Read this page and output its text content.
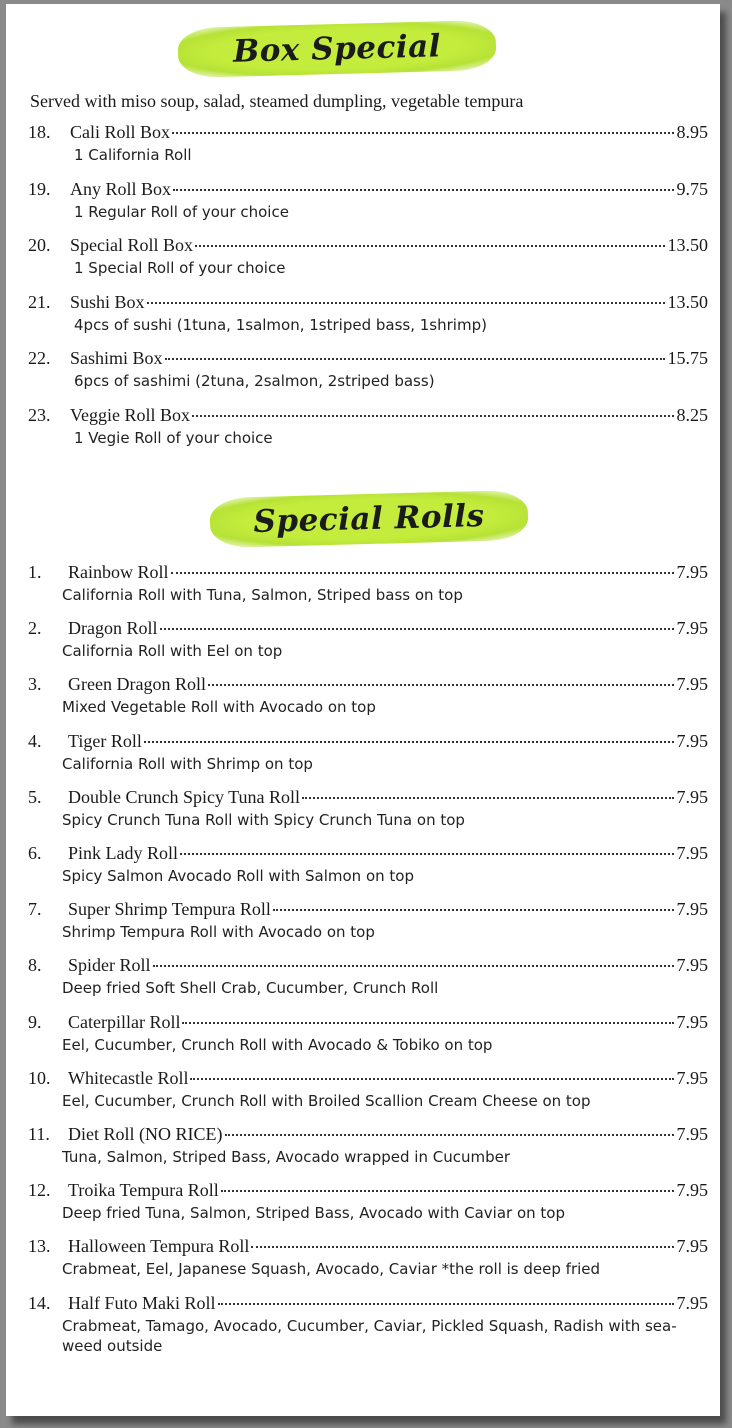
Box Special
Served with miso soup, salad, steamed dumpling, vegetable tempura
18.	Cali Roll Box	8.95
1 California Roll
19.	Any Roll Box	9.75
1 Regular Roll of your choice
20.	Special Roll Box	13.50
1 Special Roll of your choice
21.	Sushi Box	13.50
4pcs of sushi (1tuna, 1salmon, 1striped bass, 1shrimp)
22.	Sashimi Box	15.75
6pcs of sashimi (2tuna, 2salmon, 2striped bass)
23.	Veggie Roll Box	8.25
1 Vegie Roll of your choice
Special Rolls
1.	Rainbow Roll	7.95
California Roll with Tuna, Salmon, Striped bass on top
2.	Dragon Roll	7.95
California Roll with Eel on top
3.	Green Dragon Roll	7.95
Mixed Vegetable Roll with Avocado on top
4.	Tiger Roll	7.95
California Roll with Shrimp on top
5.	Double Crunch Spicy Tuna Roll	7.95
Spicy Crunch Tuna Roll with Spicy Crunch Tuna on top
6.	Pink Lady Roll	7.95
Spicy Salmon Avocado Roll with Salmon on top
7.	Super Shrimp Tempura Roll	7.95
Shrimp Tempura Roll with Avocado on top
8.	Spider Roll	7.95
Deep fried Soft Shell Crab, Cucumber, Crunch Roll
9.	Caterpillar Roll	7.95
Eel, Cucumber, Crunch Roll with Avocado & Tobiko on top
10. Whitecastle Roll	7.95
Eel, Cucumber, Crunch Roll with Broiled Scallion Cream Cheese on top
11.	Diet Roll (NO RICE)	7.95
Tuna, Salmon, Striped Bass, Avocado wrapped in Cucumber
12. Troika Tempura Roll	7.95
Deep fried Tuna, Salmon, Striped Bass, Avocado with Caviar on top
13. Halloween Tempura Roll	7.95
Crabmeat, Eel, Japanese Squash, Avocado, Caviar *the roll is deep fried
14. Half Futo Maki Roll	7.95
Crabmeat, Tamago, Avocado, Cucumber, Caviar, Pickled Squash, Radish with sea-weed outside
